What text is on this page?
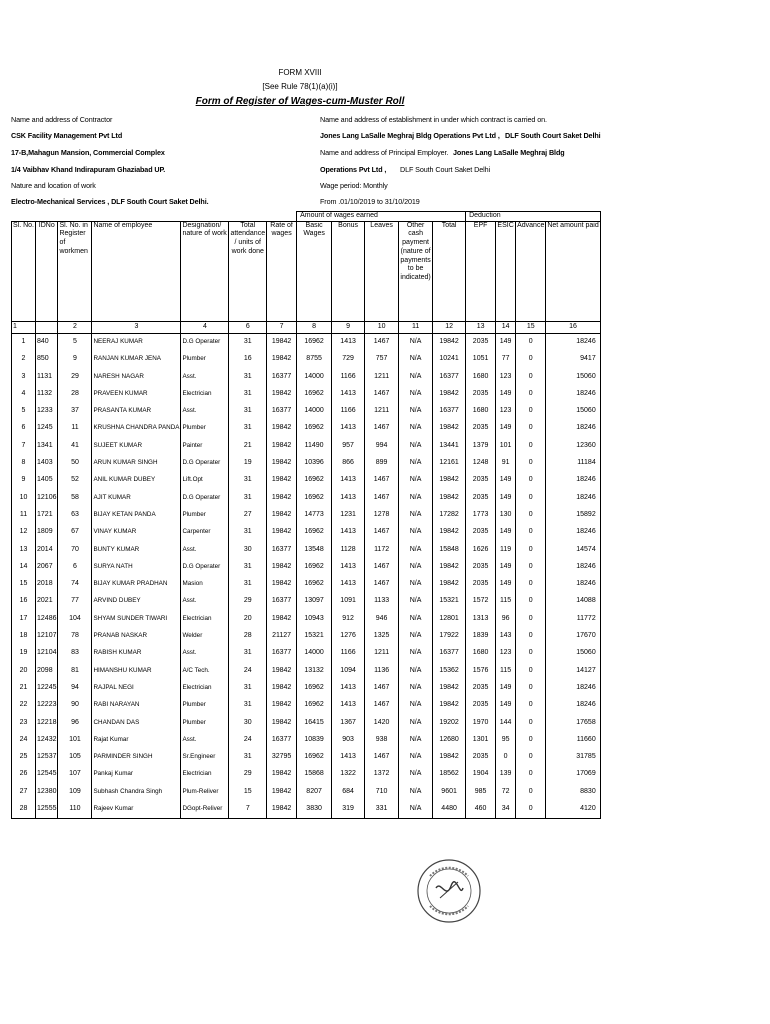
FORM XVIII
[See Rule 78(1)(a)(i)]
Form of Register of Wages-cum-Muster Roll
Name and address of Contractor
CSK Facility Management Pvt Ltd
17-B,Mahagun Mansion, Commercial Complex
1/4 Vaibhav Khand Indirapuram Ghaziabad UP.
Nature and location of work
Electro-Mechanical Services , DLF South Court Saket Delhi.
Name and address of establishment in under which contract is carried on.
Jones Lang LaSalle Meghraj Bldg Operations Pvt Ltd , DLF South Court Saket Delhi
Name and address of Principal Employer. Jones Lang LaSalle Meghraj Bldg
Operations Pvt Ltd , DLF South Court Saket Delhi
Wage period: Monthly
From .01/10/2019 to 31/10/2019
							Amount of wages earned					Deduction			
Sl. No.	IDNo	Sl. No. in Register of workmen	Name of employee	Designation/ nature of work	Total attendance / units of work done	Rate of wages	Basic Wages	Bonus	Leaves	Other cash payment (nature of payments to be indicated)	Total	EPF	ESIC	Advance	Net amount paid
1		2	3	4	6	7	8	9	10	11	12	13	14	15	16
1	840	5	NEERAJ KUMAR	D.G Operater	31	19842	16962	1413	1467	N/A	19842	2035	149	0	18246
2	850	9	RANJAN KUMAR JENA	Plumber	16	19842	8755	729	757	N/A	10241	1051	77	0	9417
3	1131	29	NARESH NAGAR	Asst.	31	16377	14000	1166	1211	N/A	16377	1680	123	0	15060
4	1132	28	PRAVEEN KUMAR	Electrician	31	19842	16962	1413	1467	N/A	19842	2035	149	0	18246
5	1233	37	PRASANTA KUMAR	Asst.	31	16377	14000	1166	1211	N/A	16377	1680	123	0	15060
6	1245	11	KRUSHNA CHANDRA PANDA	Plumber	31	19842	16962	1413	1467	N/A	19842	2035	149	0	18246
7	1341	41	SUJEET KUMAR	Painter	21	19842	11490	957	994	N/A	13441	1379	101	0	12360
8	1403	50	ARUN KUMAR SINGH	D.G Operater	19	19842	10396	866	899	N/A	12161	1248	91	0	11184
9	1405	52	ANIL KUMAR DUBEY	Lift.Opt	31	19842	16962	1413	1467	N/A	19842	2035	149	0	18246
10	12106	58	AJIT KUMAR	D.G Operater	31	19842	16962	1413	1467	N/A	19842	2035	149	0	18246
11	1721	63	BIJAY KETAN PANDA	Plumber	27	19842	14773	1231	1278	N/A	17282	1773	130	0	15892
12	1809	67	VINAY KUMAR	Carpenter	31	19842	16962	1413	1467	N/A	19842	2035	149	0	18246
13	2014	70	BUNTY KUMAR	Asst.	30	16377	13548	1128	1172	N/A	15848	1626	119	0	14574
14	2067	6	SURYA NATH	D.G Operater	31	19842	16962	1413	1467	N/A	19842	2035	149	0	18246
15	2018	74	BIJAY KUMAR PRADHAN	Masion	31	19842	16962	1413	1467	N/A	19842	2035	149	0	18246
16	2021	77	ARVIND DUBEY	Asst.	29	16377	13097	1091	1133	N/A	15321	1572	115	0	14088
17	12486	104	SHYAM SUNDER TIWARI	Electrician	20	19842	10943	912	946	N/A	12801	1313	96	0	11772
18	12107	78	PRANAB NASKAR	Welder	28	21127	15321	1276	1325	N/A	17922	1839	143	0	17670
19	12104	83	RABISH KUMAR	Asst.	31	16377	14000	1166	1211	N/A	16377	1680	123	0	15060
20	2098	81	HIMANSHU KUMAR	A/C Tech.	24	19842	13132	1094	1136	N/A	15362	1576	115	0	14127
21	12245	94	RAJPAL NEGI	Electrician	31	19842	16962	1413	1467	N/A	19842	2035	149	0	18246
22	12223	90	RABI NARAYAN	Plumber	31	19842	16962	1413	1467	N/A	19842	2035	149	0	18246
23	12218	96	CHANDAN DAS	Plumber	30	19842	16415	1367	1420	N/A	19202	1970	144	0	17658
24	12432	101	Rajat Kumar	Asst.	24	16377	10839	903	938	N/A	12680	1301	95	0	11660
25	12537	105	PARMINDER SINGH	Sr.Engineer	31	32795	16962	1413	1467	N/A	19842	2035	0	0	31785
26	12545	107	Pankaj Kumar	Electrician	29	19842	15868	1322	1372	N/A	18562	1904	139	0	17069
27	12380	109	Subhash Chandra Singh	Plum-Reliver	15	19842	8207	684	710	N/A	9601	985	72	0	8830
28	12555	110	Rajeev Kumar	DGopt-Reliver	7	19842	3830	319	331	N/A	4480	460	34	0	4120
